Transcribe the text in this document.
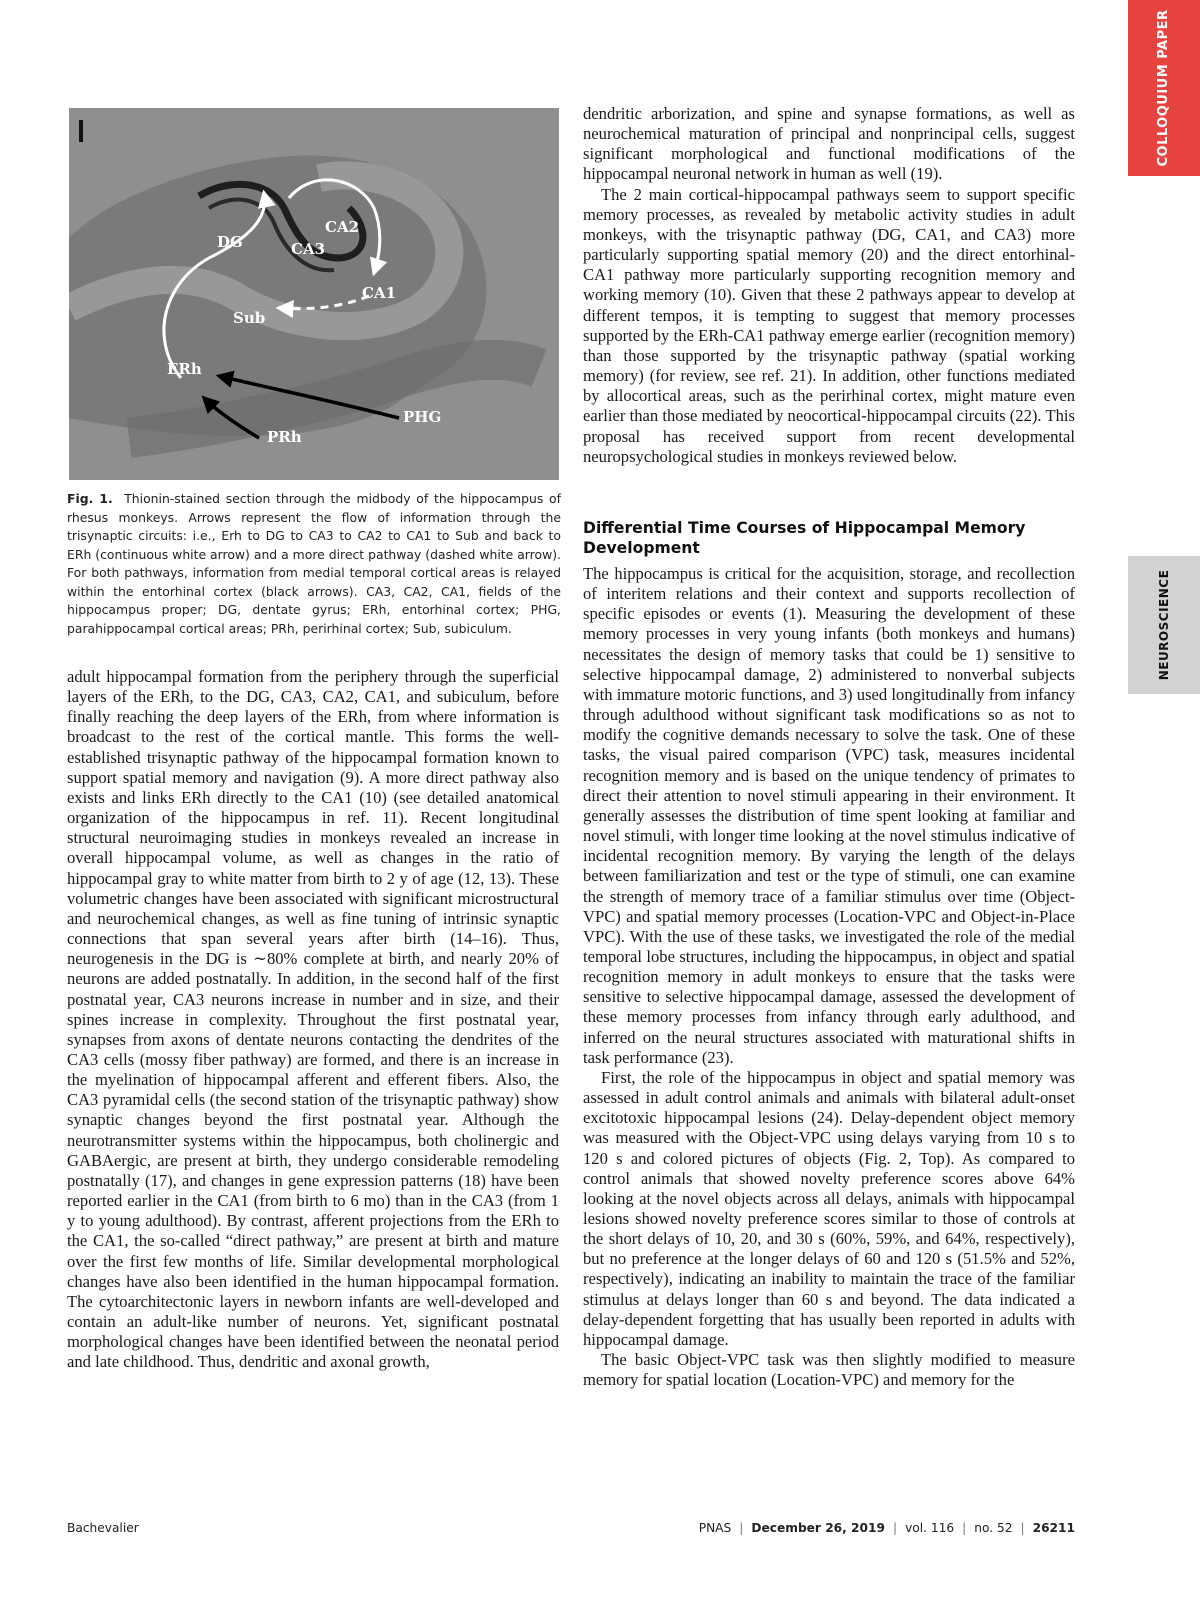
COLLOQUIUM PAPER
NEUROSCIENCE
DG	CA3
CA2
CA1
Sub
ERh
PHG
PRh
Fig. 1. Thionin-stained section through the midbody of the hippocampus of rhesus monkeys. Arrows represent the flow of information through the trisynaptic circuits: i.e., Erh to DG to CA3 to CA2 to CA1 to Sub and back to ERh (continuous white arrow) and a more direct pathway (dashed white arrow). For both pathways, information from medial temporal cortical areas is relayed within the entorhinal cortex (black arrows). CA3, CA2, CA1, fields of the hippocampus proper; DG, dentate gyrus; ERh, entorhinal cortex; PHG, parahippocampal cortical areas; PRh, perirhinal cortex; Sub, subiculum.

adult hippocampal formation from the periphery through the superficial layers of the ERh, to the DG, CA3, CA2, CA1, and subiculum, before finally reaching the deep layers of the ERh, from where information is broadcast to the rest of the cortical mantle. This forms the well-established trisynaptic pathway of the hippocampal formation known to support spatial memory and navigation (9). A more direct pathway also exists and links ERh directly to the CA1 (10) (see detailed anatomical organization of the hippocampus in ref. 11). Recent longitudinal structural neuroimaging studies in monkeys revealed an increase in overall hippocampal volume, as well as changes in the ratio of hippocampal gray to white matter from birth to 2 y of age (12, 13). These volumetric changes have been associated with significant microstructural and neurochemical changes, as well as fine tuning of intrinsic synaptic connections that span several years after birth (14–16). Thus, neurogenesis in the DG is ∼80% complete at birth, and nearly 20% of neurons are added postnatally. In addition, in the second half of the first postnatal year, CA3 neurons increase in number and in size, and their spines increase in complexity. Throughout the first postnatal year, synapses from axons of dentate neurons contacting the dendrites of the CA3 cells (mossy fiber pathway) are formed, and there is an increase in the myelination of hippocampal afferent and efferent fibers. Also, the CA3 pyramidal cells (the second station of the trisynaptic pathway) show synaptic changes beyond the first postnatal year. Although the neurotransmitter systems within the hippocampus, both cholinergic and GABAergic, are present at birth, they undergo considerable remodeling postnatally (17), and changes in gene expression patterns (18) have been reported earlier in the CA1 (from birth to 6 mo) than in the CA3 (from 1 y to young adulthood). By contrast, afferent projections from the ERh to the CA1, the so-called “direct pathway,” are present at birth and mature over the first few months of life. Similar developmental morphological changes have also been identified in the human hippocampal formation. The cytoarchitectonic layers in newborn infants are well-developed and contain an adult-like number of neurons. Yet, significant postnatal morphological changes have been identified between the neonatal period and late childhood. Thus, dendritic and axonal growth,

dendritic arborization, and spine and synapse formations, as well as neurochemical maturation of principal and nonprincipal cells, suggest significant morphological and functional modifications of the hippocampal neuronal network in human as well (19).

The 2 main cortical-hippocampal pathways seem to support specific memory processes, as revealed by metabolic activity studies in adult monkeys, with the trisynaptic pathway (DG, CA1, and CA3) more particularly supporting spatial memory (20) and the direct entorhinal-CA1 pathway more particularly supporting recognition memory and working memory (10). Given that these 2 pathways appear to develop at different tempos, it is tempting to suggest that memory processes supported by the ERh-CA1 pathway emerge earlier (recognition memory) than those supported by the trisynaptic pathway (spatial working memory) (for review, see ref. 21). In addition, other functions mediated by allocortical areas, such as the perirhinal cortex, might mature even earlier than those mediated by neocortical-hippocampal circuits (22). This proposal has received support from recent developmental neuropsychological studies in monkeys reviewed below.

Differential Time Courses of Hippocampal Memory Development

The hippocampus is critical for the acquisition, storage, and recollection of interitem relations and their context and supports recollection of specific episodes or events (1). Measuring the development of these memory processes in very young infants (both monkeys and humans) necessitates the design of memory tasks that could be 1) sensitive to selective hippocampal damage, 2) administered to nonverbal subjects with immature motoric functions, and 3) used longitudinally from infancy through adulthood without significant task modifications so as not to modify the cognitive demands necessary to solve the task. One of these tasks, the visual paired comparison (VPC) task, measures incidental recognition memory and is based on the unique tendency of primates to direct their attention to novel stimuli appearing in their environment. It generally assesses the distribution of time spent looking at familiar and novel stimuli, with longer time looking at the novel stimulus indicative of incidental recognition memory. By varying the length of the delays between familiarization and test or the type of stimuli, one can examine the strength of memory trace of a familiar stimulus over time (Object-VPC) and spatial memory processes (Location-VPC and Object-in-Place VPC). With the use of these tasks, we investigated the role of the medial temporal lobe structures, including the hippocampus, in object and spatial recognition memory in adult monkeys to ensure that the tasks were sensitive to selective hippocampal damage, assessed the development of these memory processes from infancy through early adulthood, and inferred on the neural structures associated with maturational shifts in task performance (23).

First, the role of the hippocampus in object and spatial memory was assessed in adult control animals and animals with bilateral adult-onset excitotoxic hippocampal lesions (24). Delay-dependent object memory was measured with the Object-VPC using delays varying from 10 s to 120 s and colored pictures of objects (Fig. 2, Top). As compared to control animals that showed novelty preference scores above 64% looking at the novel objects across all delays, animals with hippocampal lesions showed novelty preference scores similar to those of controls at the short delays of 10, 20, and 30 s (60%, 59%, and 64%, respectively), but no preference at the longer delays of 60 and 120 s (51.5% and 52%, respectively), indicating an inability to maintain the trace of the familiar stimulus at delays longer than 60 s and beyond. The data indicated a delay-dependent forgetting that has usually been reported in adults with hippocampal damage.

The basic Object-VPC task was then slightly modified to measure memory for spatial location (Location-VPC) and memory for the

Bachevalier	PNAS | December 26, 2019 | vol. 116 | no. 52 | 26211
